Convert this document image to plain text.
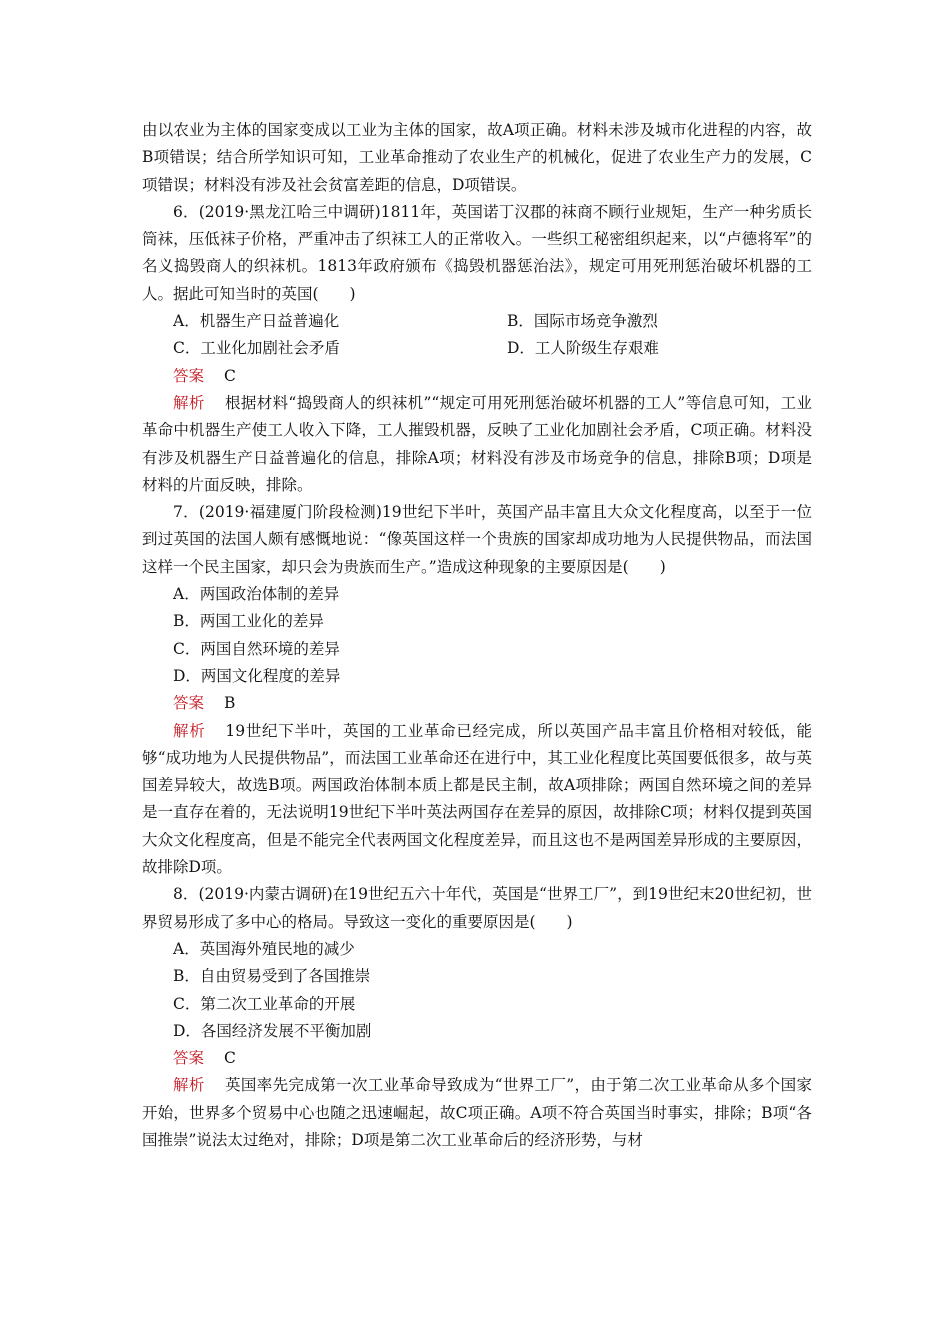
由以农业为主体的国家变成以工业为主体的国家，故A项正确。材料未涉及城市化进程的内容，故B项错误；结合所学知识可知，工业革命推动了农业生产的机械化，促进了农业生产力的发展，C项错误；材料没有涉及社会贫富差距的信息，D项错误。

6．(2019·黑龙江哈三中调研)1811年，英国诺丁汉郡的袜商不顾行业规矩，生产一种劣质长筒袜，压低袜子价格，严重冲击了织袜工人的正常收入。一些织工秘密组织起来，以“卢德将军”的名义捣毁商人的织袜机。1813年政府颁布《捣毁机器惩治法》，规定可用死刑惩治破坏机器的工人。据此可知当时的英国(　　)

A．机器生产日益普遍化	B．国际市场竞争激烈
C．工业化加剧社会矛盾	D．工人阶级生存艰难

答案 C

解析 根据材料“捣毁商人的织袜机”“规定可用死刑惩治破坏机器的工人”等信息可知，工业革命中机器生产使工人收入下降，工人摧毁机器，反映了工业化加剧社会矛盾，C项正确。材料没有涉及机器生产日益普遍化的信息，排除A项；材料没有涉及市场竞争的信息，排除B项；D项是材料的片面反映，排除。

7．(2019·福建厦门阶段检测)19世纪下半叶，英国产品丰富且大众文化程度高，以至于一位到过英国的法国人颇有感慨地说：“像英国这样一个贵族的国家却成功地为人民提供物品，而法国这样一个民主国家，却只会为贵族而生产。”造成这种现象的主要原因是(　　)

A．两国政治体制的差异

B．两国工业化的差异

C．两国自然环境的差异

D．两国文化程度的差异

答案 B

解析 19世纪下半叶，英国的工业革命已经完成，所以英国产品丰富且价格相对较低，能够“成功地为人民提供物品”，而法国工业革命还在进行中，其工业化程度比英国要低很多，故与英国差异较大，故选B项。两国政治体制本质上都是民主制，故A项排除；两国自然环境之间的差异是一直存在着的，无法说明19世纪下半叶英法两国存在差异的原因，故排除C项；材料仅提到英国大众文化程度高，但是不能完全代表两国文化程度差异，而且这也不是两国差异形成的主要原因，故排除D项。

8．(2019·内蒙古调研)在19世纪五六十年代，英国是“世界工厂”，到19世纪末20世纪初，世界贸易形成了多中心的格局。导致这一变化的重要原因是(　　)

A．英国海外殖民地的减少

B．自由贸易受到了各国推崇

C．第二次工业革命的开展

D．各国经济发展不平衡加剧

答案 C

解析 英国率先完成第一次工业革命导致成为“世界工厂”，由于第二次工业革命从多个国家开始，世界多个贸易中心也随之迅速崛起，故C项正确。A项不符合英国当时事实，排除；B项“各国推崇”说法太过绝对，排除；D项是第二次工业革命后的经济形势，与材
